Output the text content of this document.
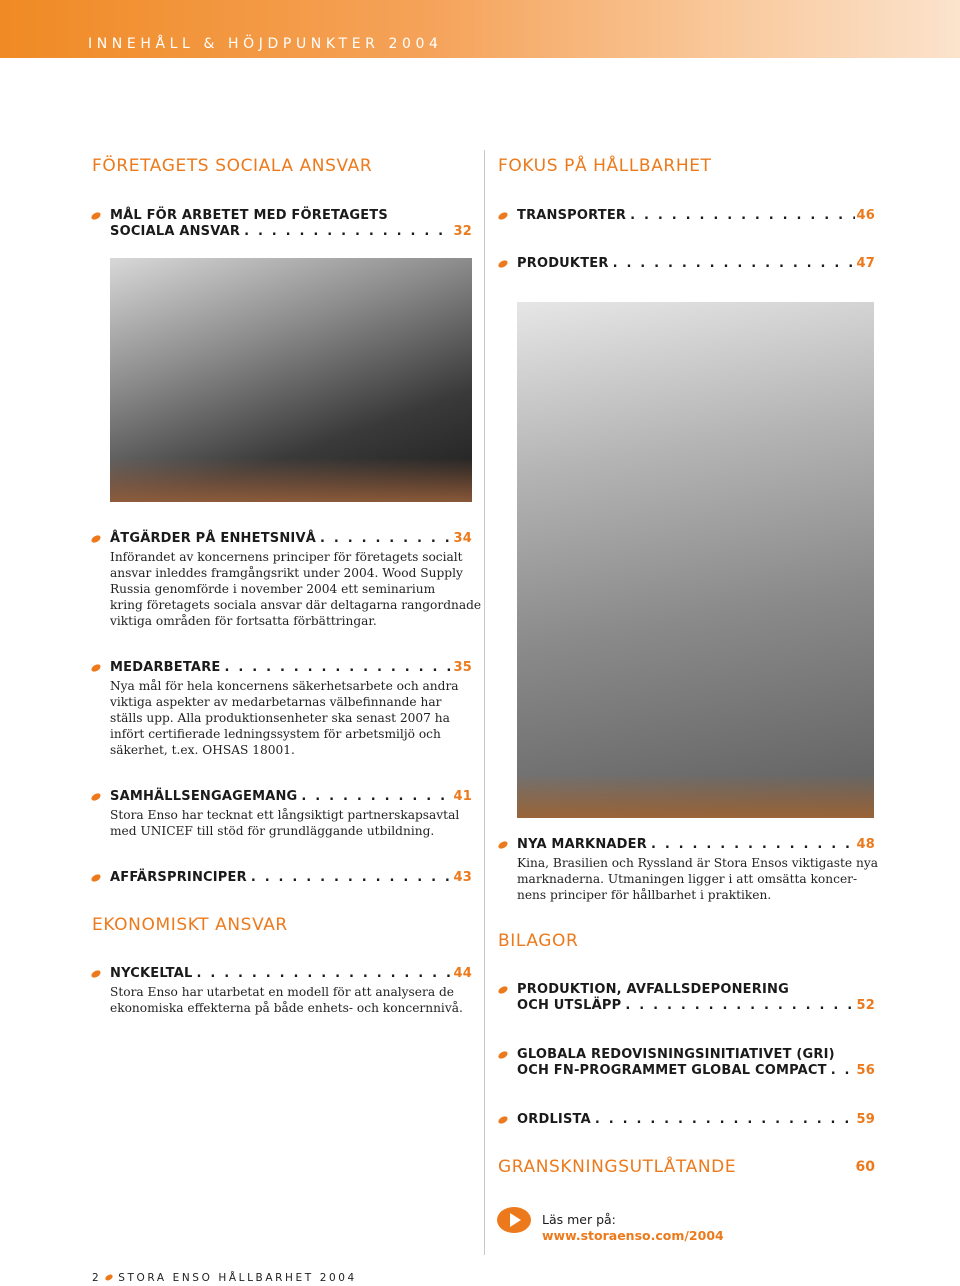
INNEHÅLL & HÖJDPUNKTER 2004
FÖRETAGETS SOCIALA ANSVAR
MÅL FÖR ARBETET MED FÖRETAGETS
SOCIALA ANSVAR . . .	32
ÅTGÄRDER PÅ ENHETSNIVÅ . . .	34
Införandet av koncernens principer för företagets socialt
ansvar inleddes framgångsrikt under 2004. Wood Supply
Russia genomförde i november 2004 ett seminarium
kring företagets sociala ansvar där deltagarna rangordnade
viktiga områden för fortsatta förbättringar.
MEDARBETARE . . .	35
Nya mål för hela koncernens säkerhetsarbete och andra
viktiga aspekter av medarbetarnas välbefinnande har
ställs upp. Alla produktionsenheter ska senast 2007 ha
infört certifierade ledningssystem för arbetsmiljö och
säkerhet, t.ex. OHSAS 18001.
SAMHÄLLSENGAGEMANG . . .	41
Stora Enso har tecknat ett långsiktigt partnerskapsavtal
med UNICEF till stöd för grundläggande utbildning.
AFFÄRSPRINCIPER . . .	43
EKONOMISKT ANSVAR
NYCKELTAL . . .	44
Stora Enso har utarbetat en modell för att analysera de
ekonomiska effekterna på både enhets- och koncernnivå.
FOKUS PÅ HÅLLBARHET
TRANSPORTER . . .	46
PRODUKTER . . .	47
NYA MARKNADER . . .	48
Kina, Brasilien och Ryssland är Stora Ensos viktigaste nya
marknaderna. Utmaningen ligger i att omsätta koncer-
nens principer för hållbarhet i praktiken.
BILAGOR
PRODUKTION, AVFALLSDEPONERING
OCH UTSLÄPP . . .	52
GLOBALA REDOVISNINGSINITIATIVET (GRI)
OCH FN-PROGRAMMET GLOBAL COMPACT . . . 56
ORDLISTA . . .	59
GRANSKNINGSUTLÅTANDE	60
Läs mer på:
www.storaenso.com/2004
2 STORA ENSO HÅLLBARHET 2004
